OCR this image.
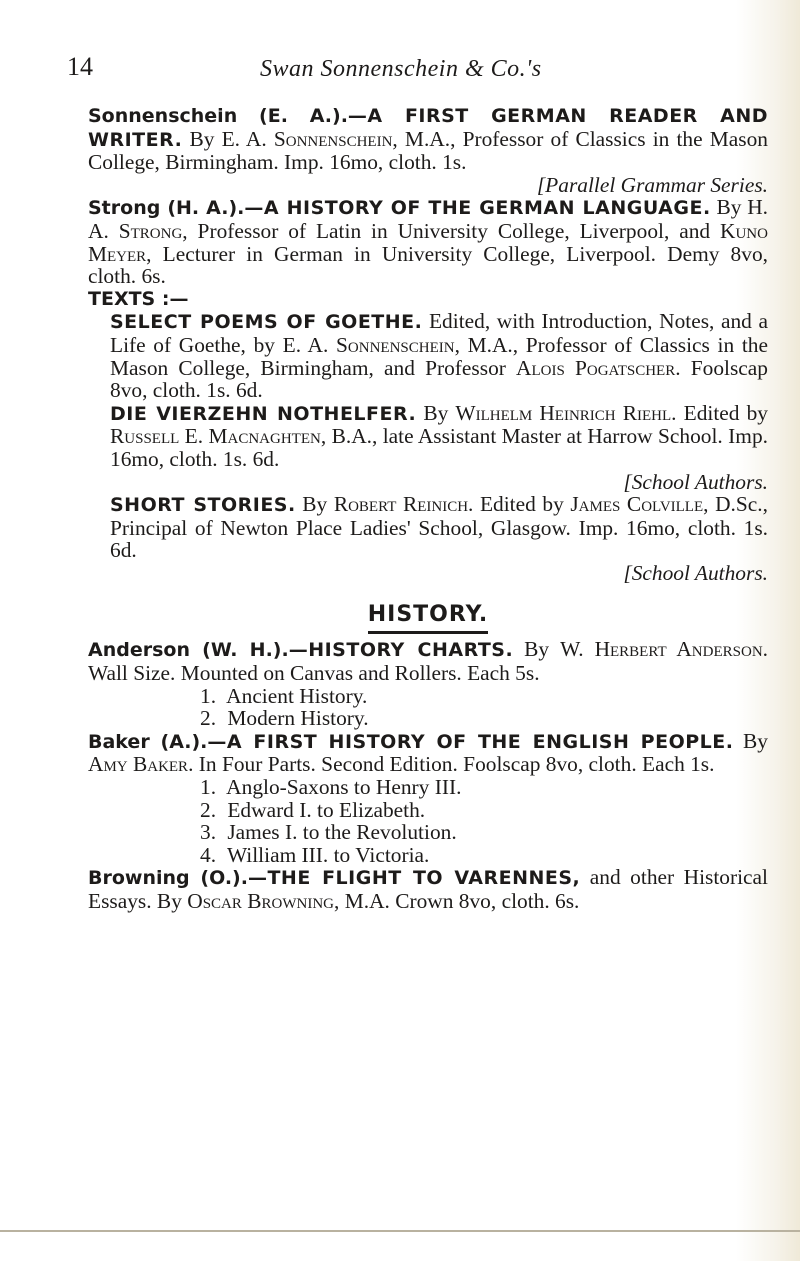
14	Swan Sonnenschein & Co.'s

Sonnenschein (E. A.).—A FIRST GERMAN READER AND WRITER. By E. A. Sonnenschein, M.A., Professor of Classics in the Mason College, Birmingham. Imp. 16mo, cloth. 1s.
[Parallel Grammar Series.

Strong (H. A.).—A HISTORY OF THE GERMAN LANGUAGE. By H. A. Strong, Professor of Latin in University College, Liverpool, and Kuno Meyer, Lecturer in German in University College, Liverpool. Demy 8vo, cloth. 6s.

TEXTS :—

SELECT POEMS OF GOETHE. Edited, with Introduction, Notes, and a Life of Goethe, by E. A. Sonnenschein, M.A., Professor of Classics in the Mason College, Birmingham, and Professor Alois Pogatscher. Foolscap 8vo, cloth. 1s. 6d.

DIE VIERZEHN NOTHELFER. By Wilhelm Heinrich Riehl. Edited by Russell E. Macnaghten, B.A., late Assistant Master at Harrow School. Imp. 16mo, cloth. 1s. 6d.
[School Authors.

SHORT STORIES. By Robert Reinich. Edited by James Colville, D.Sc., Principal of Newton Place Ladies' School, Glasgow. Imp. 16mo, cloth. 1s. 6d.
[School Authors.

HISTORY.

Anderson (W. H.).—HISTORY CHARTS. By W. Herbert Anderson. Wall Size. Mounted on Canvas and Rollers. Each 5s.

1. Ancient History.
2. Modern History.

Baker (A.).—A FIRST HISTORY OF THE ENGLISH PEOPLE. By Amy Baker. In Four Parts. Second Edition. Foolscap 8vo, cloth. Each 1s.

1. Anglo-Saxons to Henry III.
2. Edward I. to Elizabeth.
3. James I. to the Revolution.
4. William III. to Victoria.

Browning (O.).—THE FLIGHT TO VARENNES, and other Historical Essays. By Oscar Browning, M.A. Crown 8vo, cloth. 6s.
